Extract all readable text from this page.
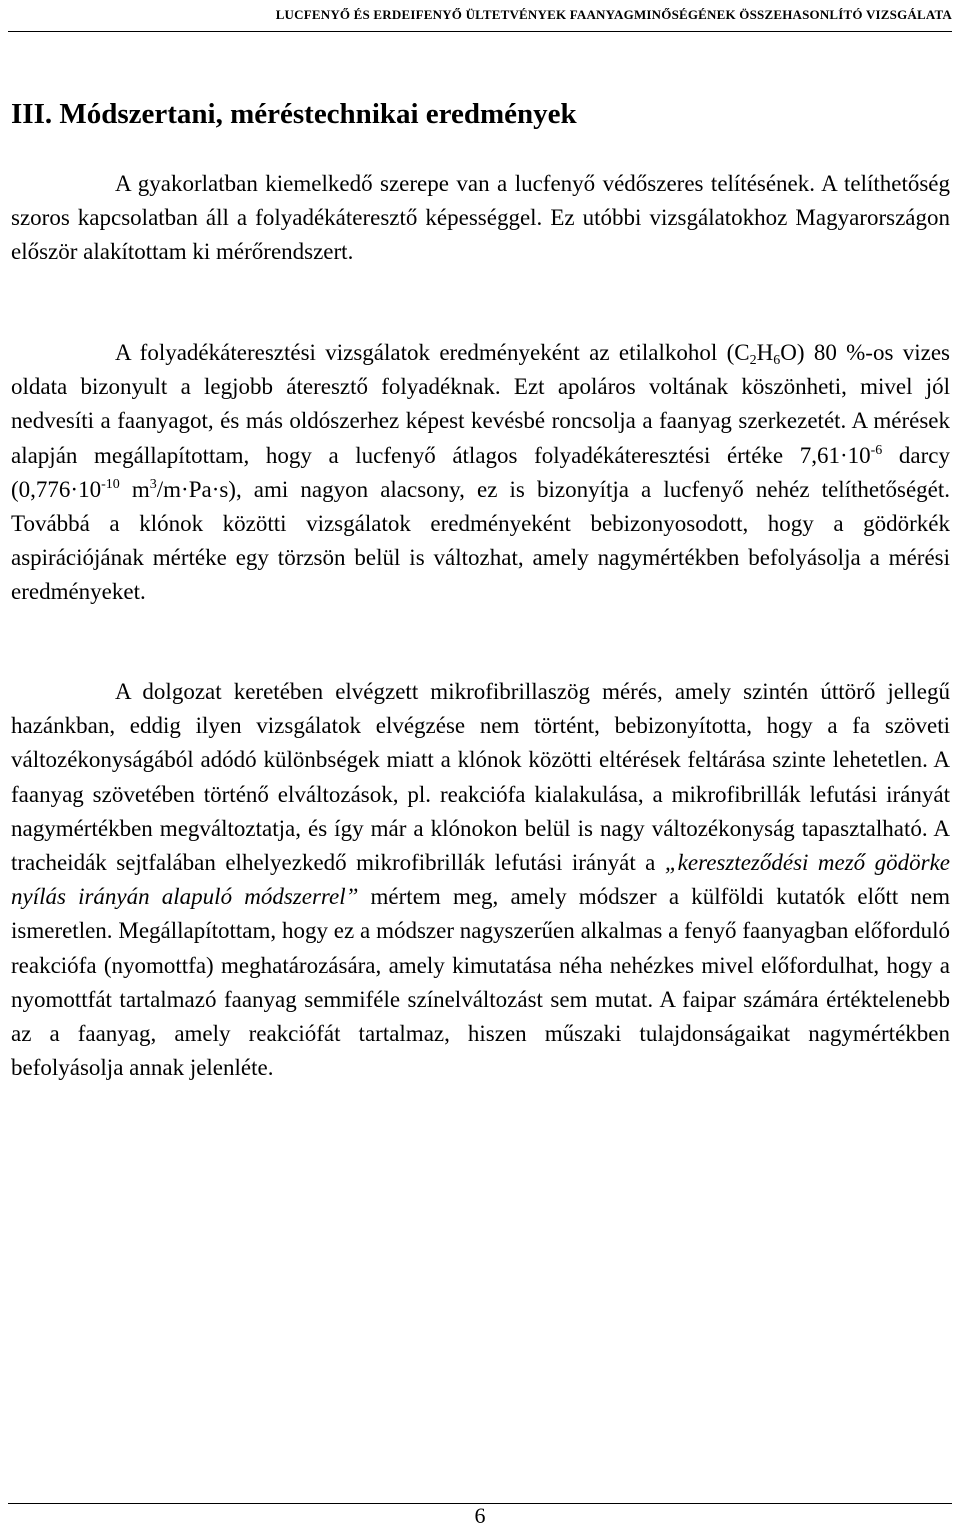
LUCFENYŐ ÉS ERDEIFENYŐ ÜLTETVÉNYEK FAANYAGMINŐSÉGÉNEK ÖSSZEHASONLÍTÓ VIZSGÁLATA
III. Módszertani, méréstechnikai eredmények

A gyakorlatban kiemelkedő szerepe van a lucfenyő védőszeres telítésének. A telíthetőség szoros kapcsolatban áll a folyadékáteresztő képességgel. Ez utóbbi vizsgálatokhoz Magyarországon először alakítottam ki mérőrendszert.

A folyadékáteresztési vizsgálatok eredményeként az etilalkohol $(C_2H_6O)$ 80 %-os vizes oldata bizonyult a legjobb áteresztő folyadéknak. Ezt apoláros voltának köszönheti, mivel jól nedvesíti a faanyagot, és más oldószerhez képest kevésbé roncsolja a faanyag szerkezetét. A mérések alapján megállapítottam, hogy a lucfenyő átlagos folyadékáteresztési értéke $7,61\cdot 10^{-6}$ darcy ($0,776\cdot 10^{-10}$ $m^3/m\cdot Pa\cdot s$), ami nagyon alacsony, ez is bizonyítja a lucfenyő nehéz telíthetőségét. Továbbá a klónok közötti vizsgálatok eredményeként bebizonyosodott, hogy a gödörkék aspirációjának mértéke egy törzsön belül is változhat, amely nagymértékben befolyásolja a mérési eredményeket.

A dolgozat keretében elvégzett mikrofibrillaszög mérés, amely szintén úttörő jellegű hazánkban, eddig ilyen vizsgálatok elvégzése nem történt, bebizonyította, hogy a fa szöveti változékonyságából adódó különbségek miatt a klónok közötti eltérések feltárása szinte lehetetlen. A faanyag szövetében történő elváltozások, pl. reakciófa kialakulása, a mikrofibrillák lefutási irányát nagymértékben megváltoztatja, és így már a klónokon belül is nagy változékonyság tapasztalható. A tracheidák sejtfalában elhelyezkedő mikrofibrillák lefutási irányát a „kereszteződési mező gödörke nyílás irányán alapuló módszerrel” mértem meg, amely módszer a külföldi kutatók előtt nem ismeretlen. Megállapítottam, hogy ez a módszer nagyszerűen alkalmas a fenyő faanyagban előforduló reakciófa (nyomottfa) meghatározására, amely kimutatása néha nehézkes mivel előfordulhat, hogy a nyomottfát tartalmazó faanyag semmiféle színelváltozást sem mutat. A faipar számára értéktelenebb az a faanyag, amely reakciófát tartalmaz, hiszen műszaki tulajdonságaikat nagymértékben befolyásolja annak jelenléte.

6
